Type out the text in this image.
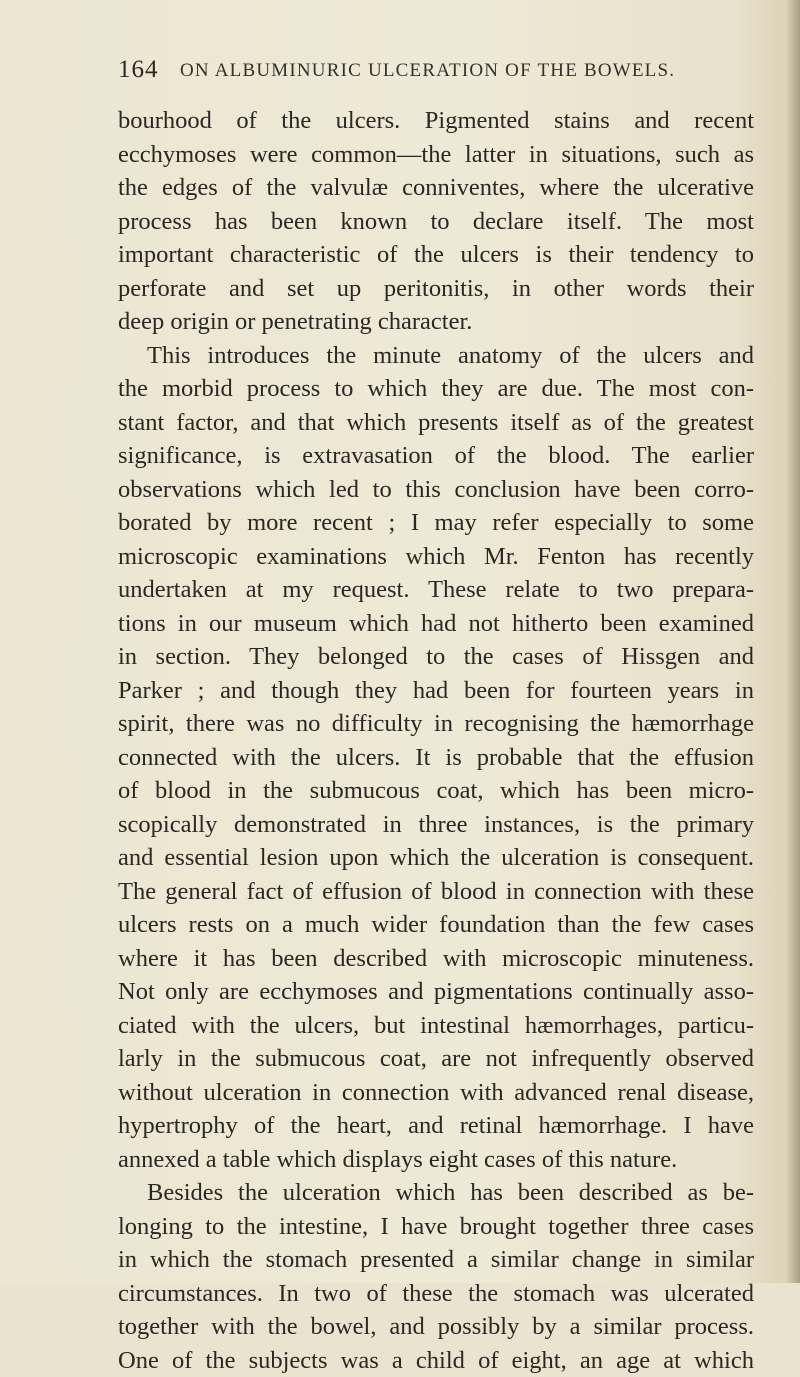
164 ON ALBUMINURIC ULCERATION OF THE BOWELS.
bourhood of the ulcers. Pigmented stains and recent
ecchymoses were common—the latter in situations, such as
the edges of the valvulæ conniventes, where the ulcerative
process has been known to declare itself. The most
important characteristic of the ulcers is their tendency to
perforate and set up peritonitis, in other words their
deep origin or penetrating character.
This introduces the minute anatomy of the ulcers and
the morbid process to which they are due. The most con-
stant factor, and that which presents itself as of the greatest
significance, is extravasation of the blood. The earlier
observations which led to this conclusion have been corro-
borated by more recent ; I may refer especially to some
microscopic examinations which Mr. Fenton has recently
undertaken at my request. These relate to two prepara-
tions in our museum which had not hitherto been examined
in section. They belonged to the cases of Hissgen and
Parker ; and though they had been for fourteen years in
spirit, there was no difficulty in recognising the hæmorrhage
connected with the ulcers. It is probable that the effusion
of blood in the submucous coat, which has been micro-
scopically demonstrated in three instances, is the primary
and essential lesion upon which the ulceration is consequent.
The general fact of effusion of blood in connection with these
ulcers rests on a much wider foundation than the few cases
where it has been described with microscopic minuteness.
Not only are ecchymoses and pigmentations continually asso-
ciated with the ulcers, but intestinal hæmorrhages, particu-
larly in the submucous coat, are not infrequently observed
without ulceration in connection with advanced renal disease,
hypertrophy of the heart, and retinal hæmorrhage. I have
annexed a table which displays eight cases of this nature.
Besides the ulceration which has been described as be-
longing to the intestine, I have brought together three cases
in which the stomach presented a similar change in similar
circumstances. In two of these the stomach was ulcerated
together with the bowel, and possibly by a similar process.
One of the subjects was a child of eight, an age at which
